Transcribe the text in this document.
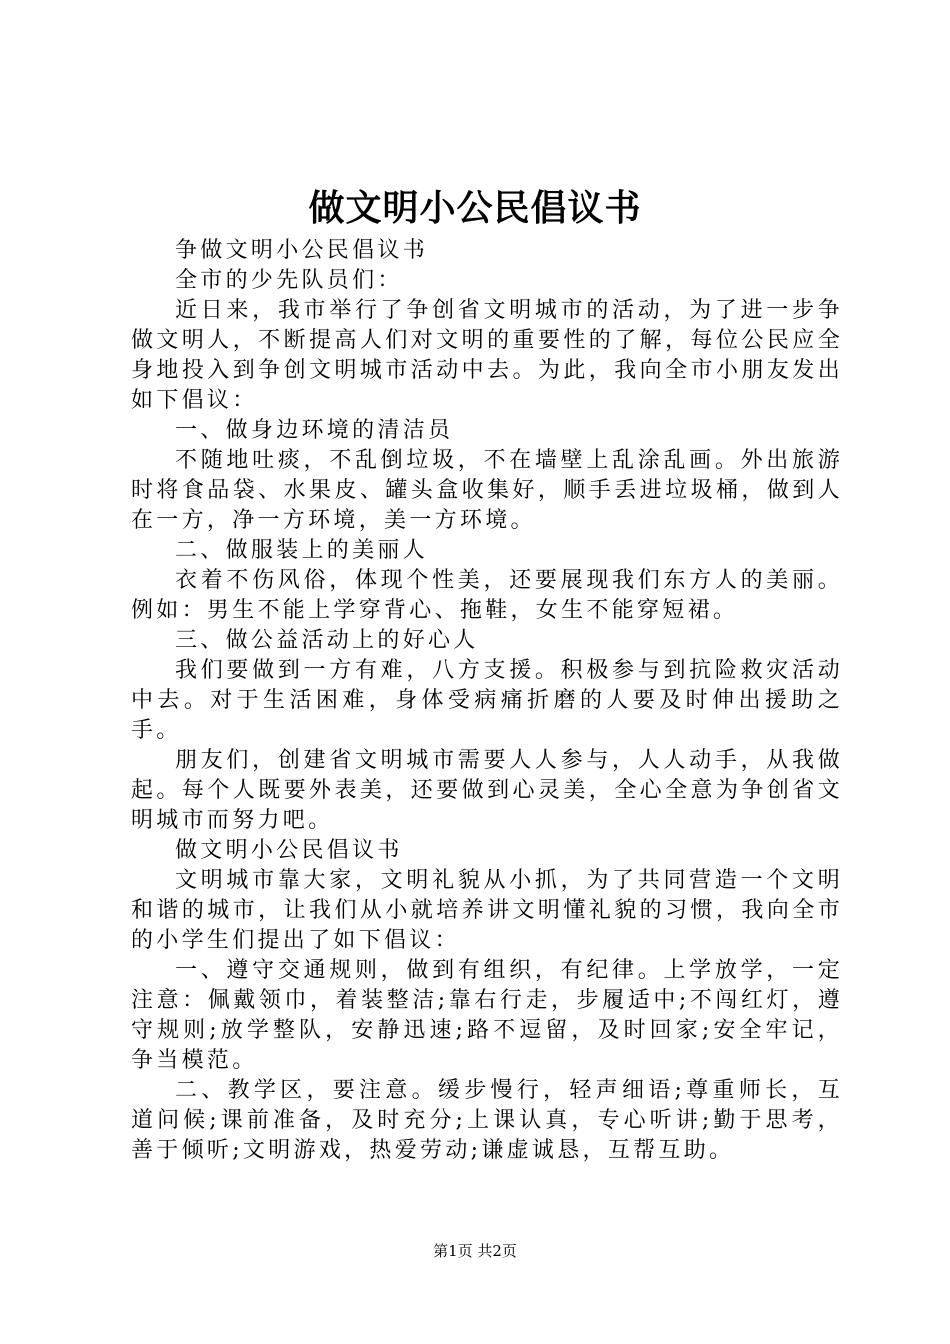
做文明小公民倡议书

争做文明小公民倡议书

全市的少先队员们：

近日来，我市举行了争创省文明城市的活动，为了进一步争做文明人，不断提高人们对文明的重要性的了解，每位公民应全身地投入到争创文明城市活动中去。为此，我向全市小朋友发出如下倡议：

一、做身边环境的清洁员

不随地吐痰，不乱倒垃圾，不在墙壁上乱涂乱画。外出旅游时将食品袋、水果皮、罐头盒收集好，顺手丢进垃圾桶，做到人在一方，净一方环境，美一方环境。

二、做服装上的美丽人

衣着不伤风俗，体现个性美，还要展现我们东方人的美丽。例如：男生不能上学穿背心、拖鞋，女生不能穿短裙。

三、做公益活动上的好心人

我们要做到一方有难，八方支援。积极参与到抗险救灾活动中去。对于生活困难，身体受病痛折磨的人要及时伸出援助之手。

朋友们，创建省文明城市需要人人参与，人人动手，从我做起。每个人既要外表美，还要做到心灵美，全心全意为争创省文明城市而努力吧。

做文明小公民倡议书

文明城市靠大家，文明礼貌从小抓，为了共同营造一个文明和谐的城市，让我们从小就培养讲文明懂礼貌的习惯，我向全市的小学生们提出了如下倡议：

一、遵守交通规则，做到有组织，有纪律。上学放学，一定注意：佩戴领巾，着装整洁;靠右行走，步履适中;不闯红灯，遵守规则;放学整队，安静迅速;路不逗留，及时回家;安全牢记，争当模范。

二、教学区，要注意。缓步慢行，轻声细语;尊重师长，互道问候;课前准备，及时充分;上课认真，专心听讲;勤于思考，善于倾听;文明游戏，热爱劳动;谦虚诚恳，互帮互助。

第1页 共2页
